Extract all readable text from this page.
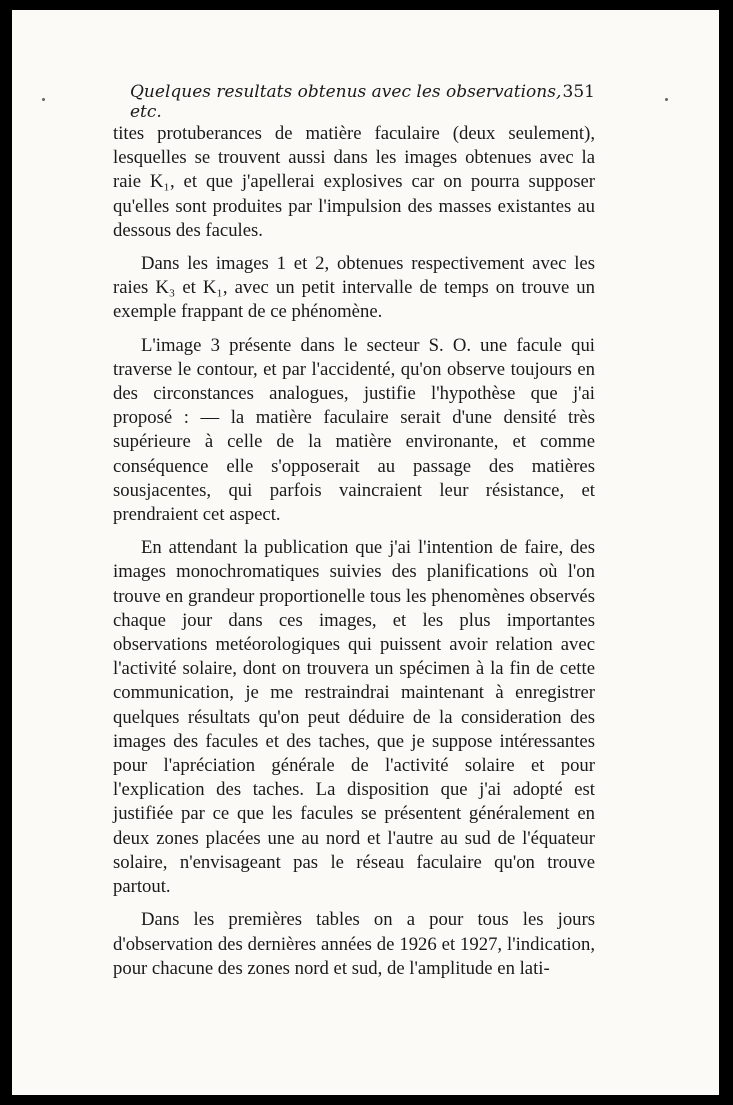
Quelques resultats obtenus avec les observations, etc.
351

tites protuberances de matière faculaire (deux seulement), lesquelles se trouvent aussi dans les images obtenues avec la raie K₁, et que j'apellerai explosives car on pourra supposer qu'elles sont produites par l'impulsion des masses existantes au dessous des facules.

Dans les images 1 et 2, obtenues respectivement avec les raies K₃ et K₁, avec un petit intervalle de temps on trouve un exemple frappant de ce phénomène.

L'image 3 présente dans le secteur S. O. une facule qui traverse le contour, et par l'accidenté, qu'on observe toujours en des circonstances analogues, justifie l'hypothèse que j'ai proposé : — la matière faculaire serait d'une densité très supérieure à celle de la matière environante, et comme conséquence elle s'opposerait au passage des matières sousjacentes, qui parfois vaincraient leur résistance, et prendraient cet aspect.

En attendant la publication que j'ai l'intention de faire, des images monochromatiques suivies des planifications où l'on trouve en grandeur proportionelle tous les phenomènes observés chaque jour dans ces images, et les plus importantes observations metéorologiques qui puissent avoir relation avec l'activité solaire, dont on trouvera un spécimen à la fin de cette communication, je me restraindrai maintenant à enregistrer quelques résultats qu'on peut déduire de la consideration des images des facules et des taches, que je suppose intéressantes pour l'apréciation générale de l'activité solaire et pour l'explication des taches. La disposition que j'ai adopté est justifiée par ce que les facules se présentent généralement en deux zones placées une au nord et l'autre au sud de l'équateur solaire, n'envisageant pas le réseau faculaire qu'on trouve partout.

Dans les premières tables on a pour tous les jours d'observation des dernières années de 1926 et 1927, l'indication, pour chacune des zones nord et sud, de l'amplitude en lati-
